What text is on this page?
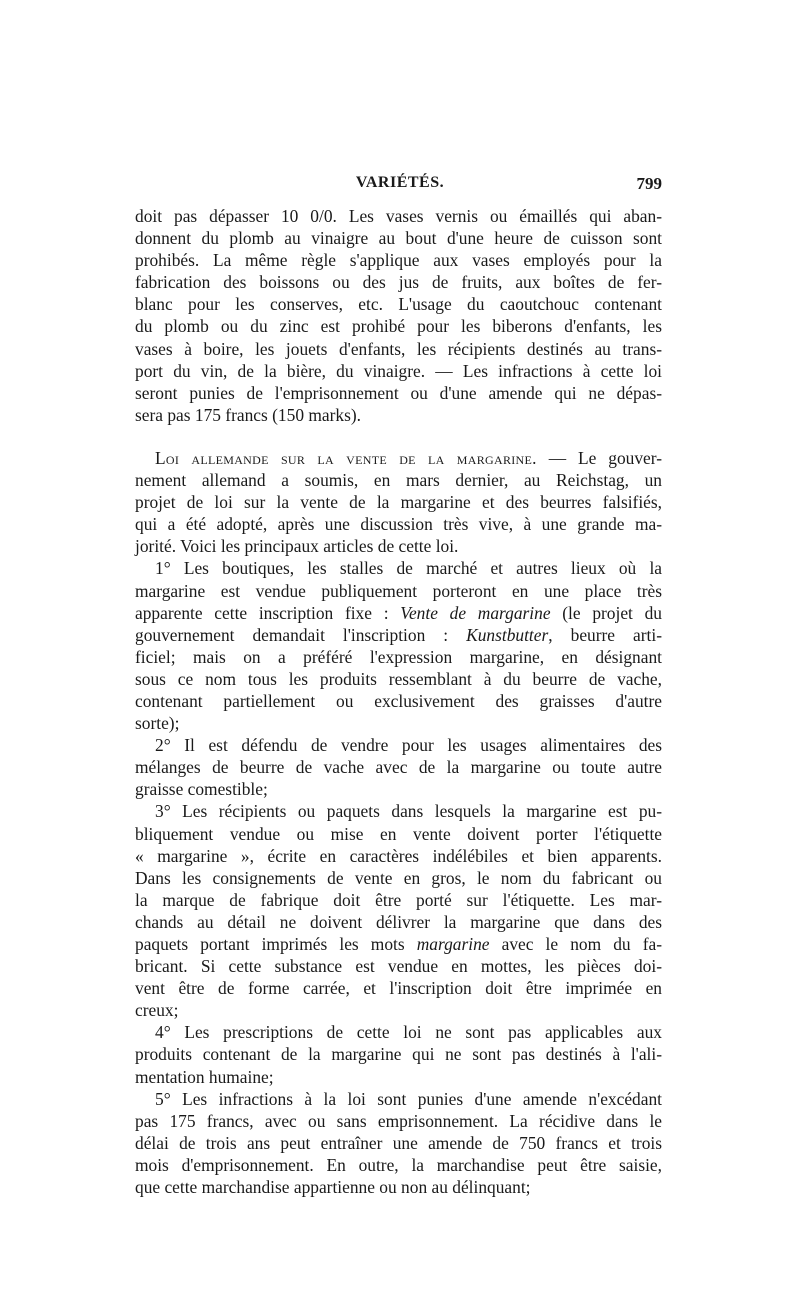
VARIÉTÉS.	799
doit pas dépasser 10 0/0. Les vases vernis ou émaillés qui aban-
donnent du plomb au vinaigre au bout d'une heure de cuisson sont
prohibés. La même règle s'applique aux vases employés pour la
fabrication des boissons ou des jus de fruits, aux boîtes de fer-
blanc pour les conserves, etc. L'usage du caoutchouc contenant
du plomb ou du zinc est prohibé pour les biberons d'enfants, les
vases à boire, les jouets d'enfants, les récipients destinés au trans-
port du vin, de la bière, du vinaigre. — Les infractions à cette loi
seront punies de l'emprisonnement ou d'une amende qui ne dépas-
sera pas 175 francs (150 marks).
Loi allemande sur la vente de la margarine. — Le gouver-
nement allemand a soumis, en mars dernier, au Reichstag, un
projet de loi sur la vente de la margarine et des beurres falsifiés,
qui a été adopté, après une discussion très vive, à une grande ma-
jorité. Voici les principaux articles de cette loi.
1° Les boutiques, les stalles de marché et autres lieux où la
margarine est vendue publiquement porteront en une place très
apparente cette inscription fixe : Vente de margarine (le projet du
gouvernement demandait l'inscription : Kunstbutter, beurre arti-
ficiel; mais on a préféré l'expression margarine, en désignant
sous ce nom tous les produits ressemblant à du beurre de vache,
contenant partiellement ou exclusivement des graisses d'autre
sorte);
2° Il est défendu de vendre pour les usages alimentaires des
mélanges de beurre de vache avec de la margarine ou toute autre
graisse comestible;
3° Les récipients ou paquets dans lesquels la margarine est pu-
bliquement vendue ou mise en vente doivent porter l'étiquette
« margarine », écrite en caractères indélébiles et bien apparents.
Dans les consignements de vente en gros, le nom du fabricant ou
la marque de fabrique doit être porté sur l'étiquette. Les mar-
chands au détail ne doivent délivrer la margarine que dans des
paquets portant imprimés les mots margarine avec le nom du fa-
bricant. Si cette substance est vendue en mottes, les pièces doi-
vent être de forme carrée, et l'inscription doit être imprimée en
creux;
4° Les prescriptions de cette loi ne sont pas applicables aux
produits contenant de la margarine qui ne sont pas destinés à l'ali-
mentation humaine;
5° Les infractions à la loi sont punies d'une amende n'excédant
pas 175 francs, avec ou sans emprisonnement. La récidive dans le
délai de trois ans peut entraîner une amende de 750 francs et trois
mois d'emprisonnement. En outre, la marchandise peut être saisie,
que cette marchandise appartienne ou non au délinquant;
